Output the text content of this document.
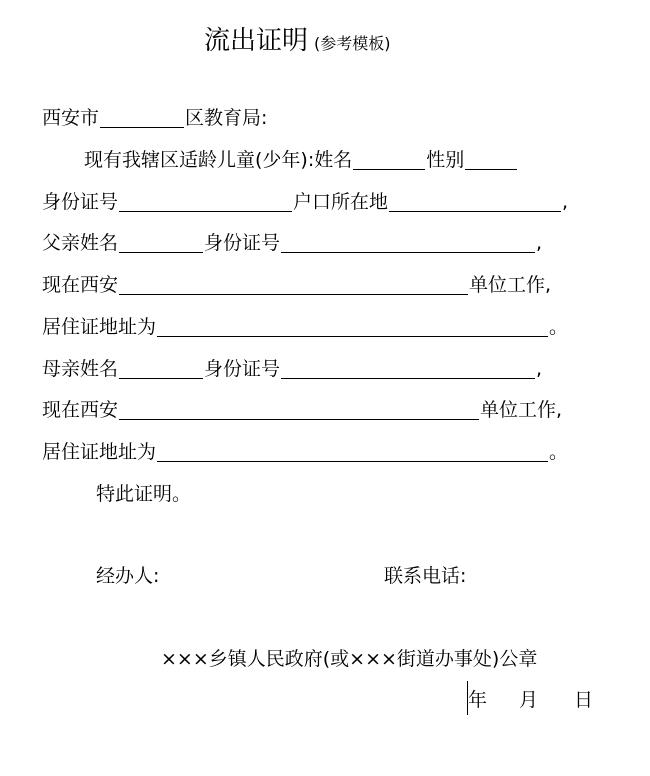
流出证明 (参考模板)
西安市	区教育局:
现有我辖区适龄儿童(少年):姓名	性别
身份证号	户口所在地	,
父亲姓名	身份证号	,
现在西安	单位工作,
居住证地址为	。
母亲姓名	身份证号	,
现在西安	单位工作,
居住证地址为	。
特此证明。
经办人:	联系电话:
×××乡镇人民政府(或×××街道办事处)公章
年 月 日
